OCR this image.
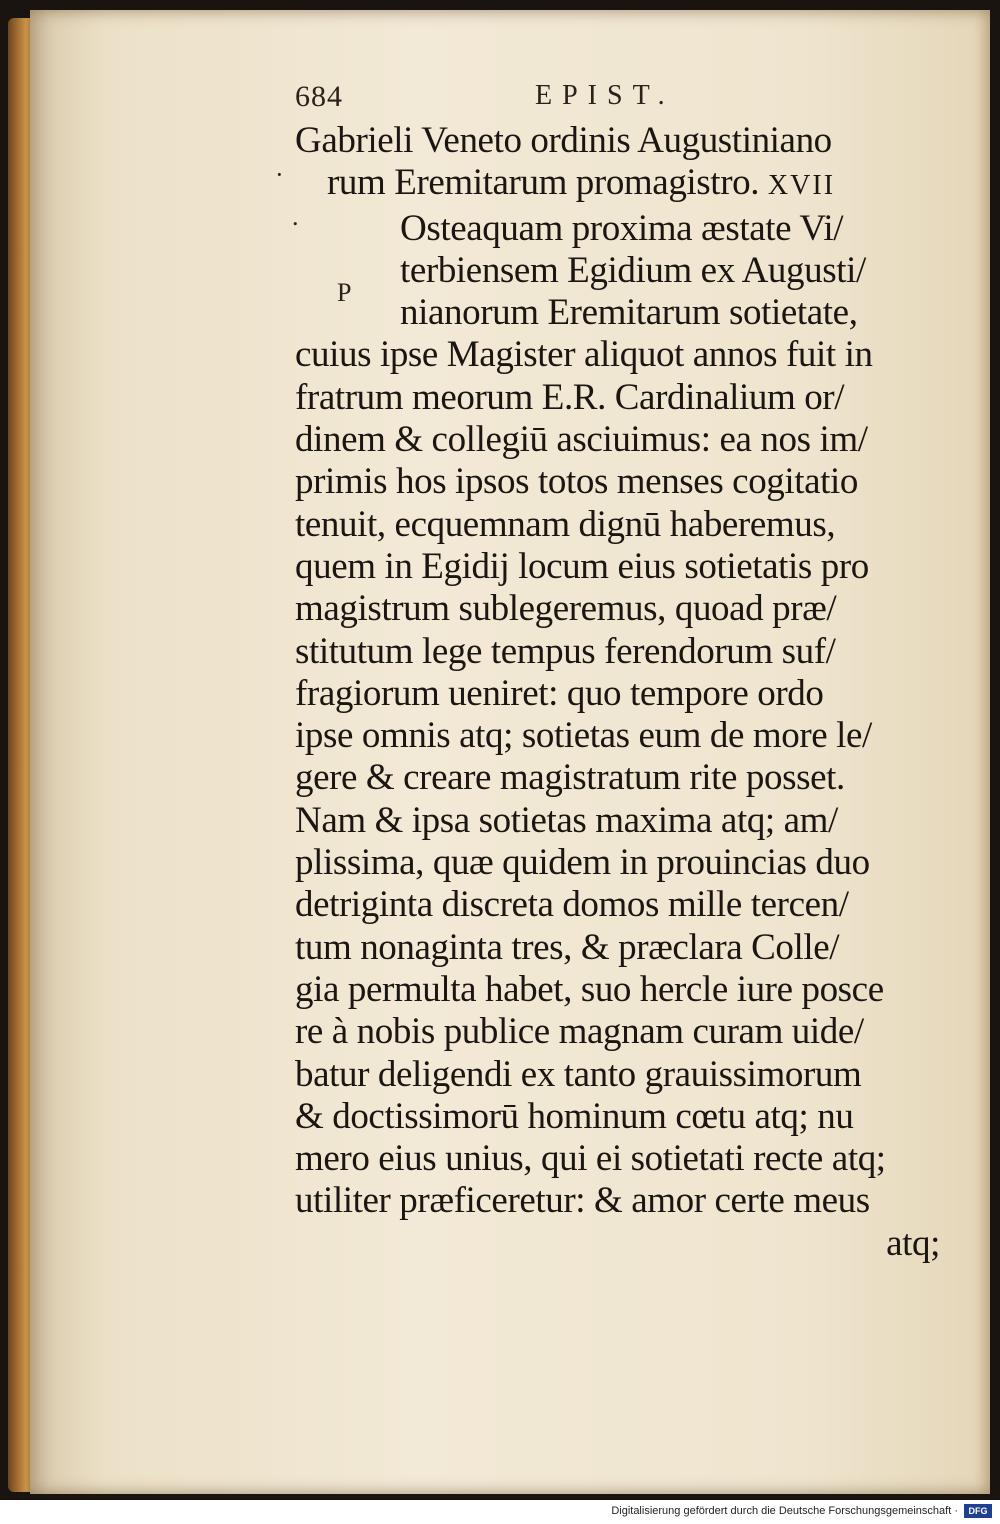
·
.
P
684	EPIST.
Gabrieli Veneto ordinis Augustiniano
rum Eremitarum promagistro. XVII
Osteaquam proxima æstate Vi/
terbiensem Egidium ex Augusti/
nianorum Eremitarum sotietate,
cuius ipse Magister aliquot annos fuit in
fratrum meorum E.R. Cardinalium or/
dinem & collegiū asciuimus: ea nos im/
primis hos ipsos totos menses cogitatio
tenuit, ecquemnam dignū haberemus,
quem in Egidij locum eius sotietatis pro
magistrum sublegeremus, quoad præ/
stitutum lege tempus ferendorum suf/
fragiorum ueniret: quo tempore ordo
ipse omnis atq; sotietas eum de more le/
gere & creare magistratum rite posset.
Nam & ipsa sotietas maxima atq; am/
plissima, quæ quidem in prouincias duo
detriginta discreta domos mille tercen/
tum nonaginta tres, & præclara Colle/
gia permulta habet, suo hercle iure posce
re à nobis publice magnam curam uide/
batur deligendi ex tanto grauissimorum
& doctissimorū hominum cœtu atq; nu
mero eius unius, qui ei sotietati recte atq;
utiliter præficeretur: & amor certe meus
atq;
Digitalisierung gefördert durch die Deutsche Forschungsgemeinschaft ·	DFG
